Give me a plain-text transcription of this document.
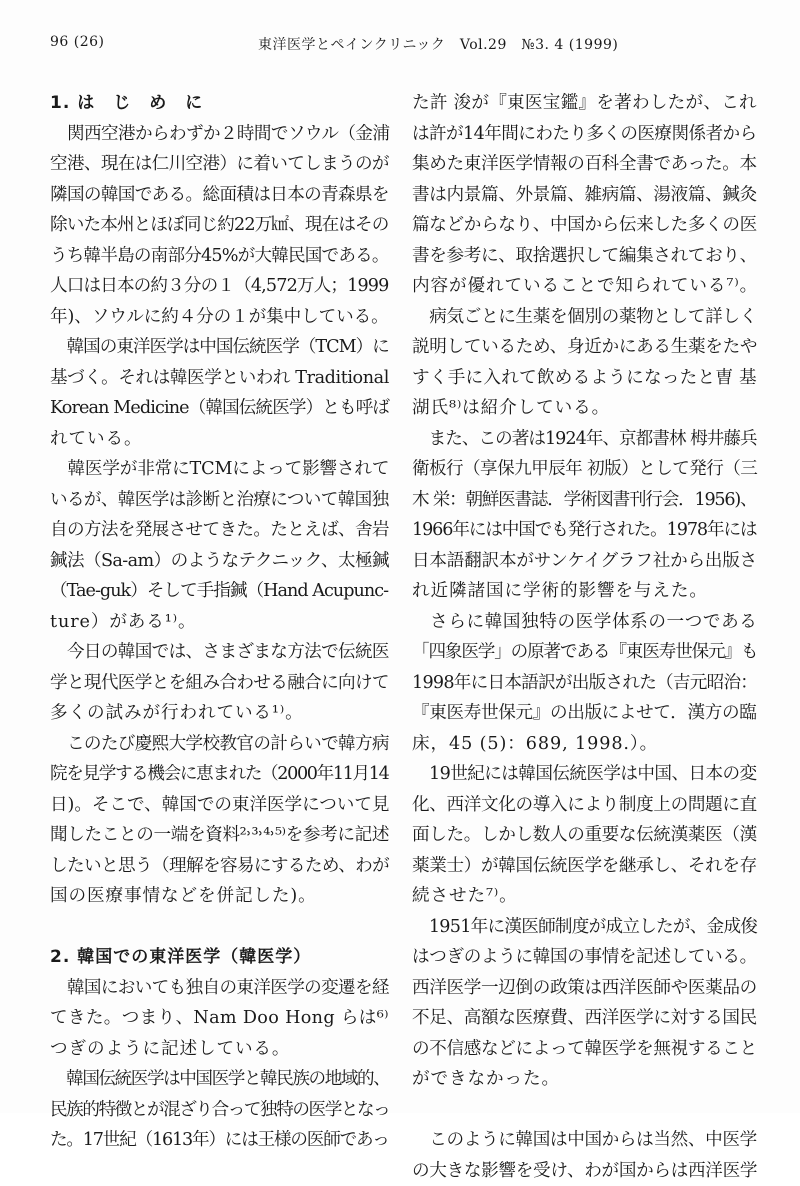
96 (26)	東洋医学とペインクリニック　Vol.29　№3. 4 (1999)
1. は　じ　め　に
　関西空港からわずか２時間でソウル（金浦
空港、現在は仁川空港）に着いてしまうのが
隣国の韓国である。総面積は日本の青森県を
除いた本州とほぼ同じ約22万㎢、現在はその
うち韓半島の南部分45%が大韓民国である。
人口は日本の約３分の１（4,572万人；1999
年)、ソウルに約４分の１が集中している。
　韓国の東洋医学は中国伝統医学（TCM）に
基づく。それは韓医学といわれ Traditional
Korean Medicine（韓国伝統医学）とも呼ば
れている。
　韓医学が非常にTCMによって影響されて
いるが、韓医学は診断と治療について韓国独
自の方法を発展させてきた。たとえば、舎岩
鍼法（Sa-am）のようなテクニック、太極鍼
（Tae-guk）そして手指鍼（Hand Acupunc-
ture）がある¹⁾。
　今日の韓国では、さまざまな方法で伝統医
学と現代医学とを組み合わせる融合に向けて
多くの試みが行われている¹⁾。
　このたび慶熙大学校教官の計らいで韓方病
院を見学する機会に恵まれた（2000年11月14
日)。そこで、韓国での東洋医学について見
聞したことの一端を資料²˒³˒⁴˒⁵⁾を参考に記述
したいと思う（理解を容易にするため、わが
国の医療事情などを併記した)。
2. 韓国での東洋医学（韓医学）
　韓国においても独自の東洋医学の変遷を経
てきた。つまり、Nam Doo Hong らは⁶⁾
つぎのように記述している。
　韓国伝統医学は中国医学と韓民族の地域的、
民族的特徴とが混ざり合って独特の医学となっ
た。17世紀（1613年）には王様の医師であっ
た許 浚が『東医宝鑑』を著わしたが、これ
は許が14年間にわたり多くの医療関係者から
集めた東洋医学情報の百科全書であった。本
書は内景篇、外景篇、雑病篇、湯液篇、鍼灸
篇などからなり、中国から伝来した多くの医
書を参考に、取捨選択して編集されており、
内容が優れていることで知られている⁷⁾。
　病気ごとに生薬を個別の薬物として詳しく
説明しているため、身近かにある生薬をたや
すく手に入れて飲めるようになったと曺 基
湖氏⁸⁾は紹介している。
　また、この著は1924年、京都書林 栂井藤兵
衛板行（享保九甲辰年 初版）として発行（三
木 栄：朝鮮医書誌．学術図書刊行会．1956)、
1966年には中国でも発行された。1978年には
日本語翻訳本がサンケイグラフ社から出版さ
れ近隣諸国に学術的影響を与えた。
　さらに韓国独特の医学体系の一つである
「四象医学」の原著である『東医寿世保元』も
1998年に日本語訳が出版された（吉元昭治：
『東医寿世保元』の出版によせて．漢方の臨
床，45 (5)：689, 1998.）。
　19世紀には韓国伝統医学は中国、日本の変
化、西洋文化の導入により制度上の問題に直
面した。しかし数人の重要な伝統漢薬医（漢
薬業士）が韓国伝統医学を継承し、それを存
続させた⁷⁾。
　1951年に漢医師制度が成立したが、金成俊
はつぎのように韓国の事情を記述している。
西洋医学一辺倒の政策は西洋医師や医薬品の
不足、高額な医療費、西洋医学に対する国民
の不信感などによって韓医学を無視すること
ができなかった。
　このように韓国は中国からは当然、中医学
の大きな影響を受け、わが国からは西洋医学
